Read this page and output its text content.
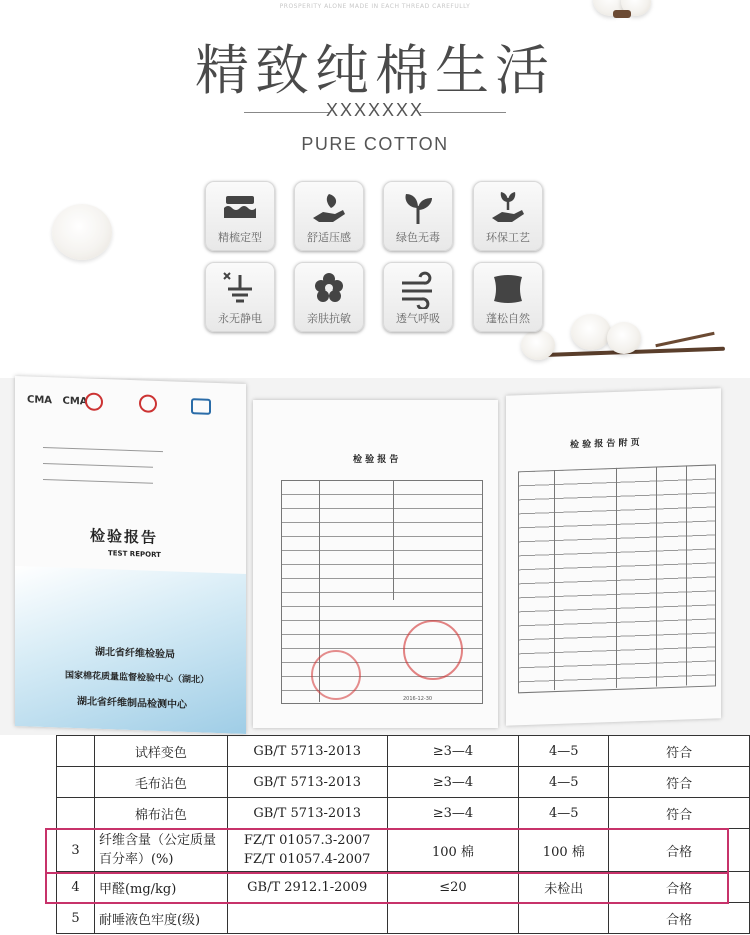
PROSPERITY ALONE MADE IN EACH THREAD CAREFULLY
精致纯棉生活
XXXXXXX
PURE COTTON
精梳定型	舒适压感	绿色无毒	环保工艺
永无静电	亲肤抗敏	透气呼吸	蓬松自然
CMA   CMA
检验报告
TEST REPORT
湖北省纤维检验局
国家棉花质量监督检验中心（湖北）
湖北省纤维制品检测中心
检 验 报 告
2016-12-30
检 验 报 告 附 页
	试样变色	GB/T 5713-2013	≥3—4	4—5	符合
	毛布沾色	GB/T 5713-2013	≥3—4	4—5	符合
	棉布沾色	GB/T 5713-2013	≥3—4	4—5	符合
3	纤维含量（公定质量百分率）(%)	FZ/T 01057.3-2007
FZ/T 01057.4-2007	100 棉	100 棉	合格
4	甲醛(mg/kg)	GB/T 2912.1-2009	≤20	未检出	合格
5	耐唾液色牢度(级)				合格
